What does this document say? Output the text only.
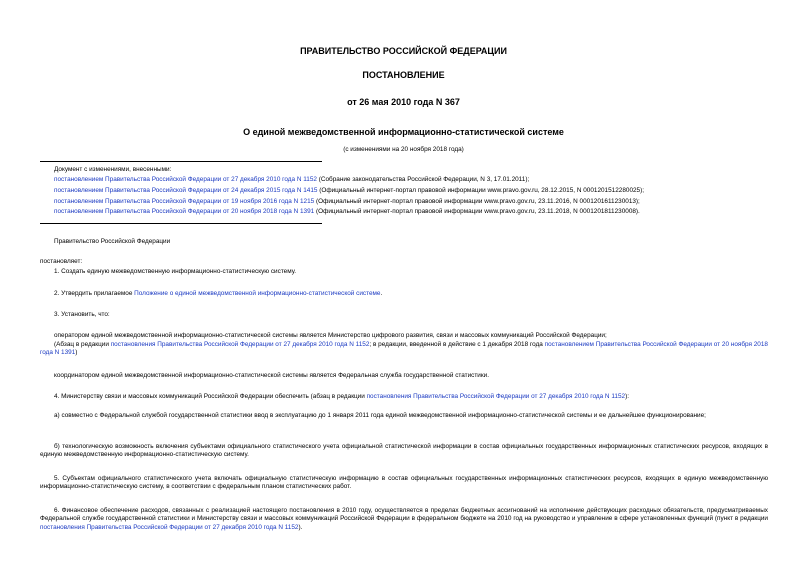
ПРАВИТЕЛЬСТВО РОССИЙСКОЙ ФЕДЕРАЦИИ
ПОСТАНОВЛЕНИЕ
от 26 мая 2010 года N 367
О единой межведомственной информационно-статистической системе
(с изменениями на 20 ноября 2018 года)
Документ с изменениями, внесенными:
постановлением Правительства Российской Федерации от 27 декабря 2010 года N 1152 (Собрание законодательства Российской Федерации, N 3, 17.01.2011);
постановлением Правительства Российской Федерации от 24 декабря 2015 года N 1415 (Официальный интернет-портал правовой информации www.pravo.gov.ru, 28.12.2015, N 0001201512280025);
постановлением Правительства Российской Федерации от 19 ноября 2016 года N 1215 (Официальный интернет-портал правовой информации www.pravo.gov.ru, 23.11.2016, N 0001201611230013);
постановлением Правительства Российской Федерации от 20 ноября 2018 года N 1391 (Официальный интернет-портал правовой информации www.pravo.gov.ru, 23.11.2018, N 0001201811230008).
Правительство Российской Федерации
постановляет:
1. Создать единую межведомственную информационно-статистическую систему.
2. Утвердить прилагаемое Положение о единой межведомственной информационно-статистической системе.
3. Установить, что:
оператором единой межведомственной информационно-статистической системы является Министерство цифрового развития, связи и массовых коммуникаций Российской Федерации;
(Абзац в редакции постановления Правительства Российской Федерации от 27 декабря 2010 года N 1152; в редакции, введенной в действие с 1 декабря 2018 года постановлением Правительства Российской Федерации от 20 ноября 2018 года N 1391)
координатором единой межведомственной информационно-статистической системы является Федеральная служба государственной статистики.
4. Министерству связи и массовых коммуникаций Российской Федерации обеспечить (абзац в редакции постановления Правительства Российской Федерации от 27 декабря 2010 года N 1152):
а) совместно с Федеральной службой государственной статистики ввод в эксплуатацию до 1 января 2011 года единой межведомственной информационно-статистической системы и ее дальнейшее функционирование;
б) технологическую возможность включения субъектами официального статистического учета официальной статистической информации в состав официальных государственных информационных статистических ресурсов, входящих в единую межведомственную информационно-статистическую систему.
5. Субъектам официального статистического учета включать официальную статистическую информацию в состав официальных государственных информационных статистических ресурсов, входящих в единую межведомственную информационно-статистическую систему, в соответствии с федеральным планом статистических работ.
6. Финансовое обеспечение расходов, связанных с реализацией настоящего постановления в 2010 году, осуществляется в пределах бюджетных ассигнований на исполнение действующих расходных обязательств, предусматриваемых Федеральной службе государственной статистики и Министерству связи и массовых коммуникаций Российской Федерации в федеральном бюджете на 2010 год на руководство и управление в сфере установленных функций (пункт в редакциипостановления Правительства Российской Федерации от 27 декабря 2010 года N 1152).
